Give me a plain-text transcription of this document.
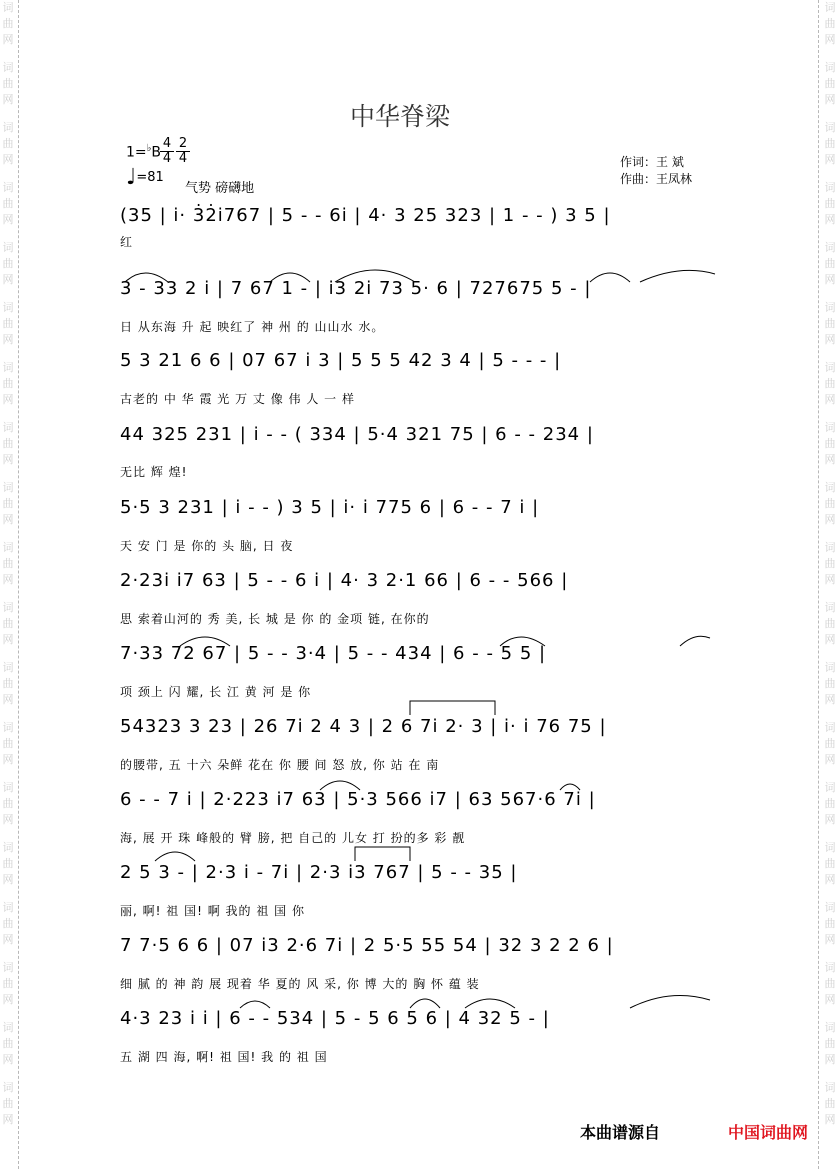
词
曲
网
词
曲
网
词
曲
网
词
曲
网
词
曲
网
词
曲
网
词
曲
网
词
曲
网
词
曲
网
词
曲
网
词
曲
网
词
曲
网
词
曲
网
词
曲
网
词
曲
网
词
曲
网
词
曲
网
词
曲
网
词
曲
网
词
曲
网
词
曲
网
词
曲
网
词
曲
网
词
曲
网
词
曲
网
词
曲
网
词
曲
网
词
曲
网
词
曲
网
词
曲
网
词
曲
网
词
曲
网
词
曲
网
词
曲
网
词
曲
网
词
曲
网
词
曲
网
词
曲
网
中华脊梁
1=♭B
4
4
2
4
♩=81
气势 磅礴地
作词：王 斌
作曲：王凤林
(35 | i· 3̇2̇i767 | 5 - - 6i | 4· 3 25 323 | 1 - - ) 3 5 |
红
3 - 33 2 i | 7 67 1 - | i3 2i 73 5· 6 | 727675 5 - |
日 从东海 升 起 映红了 神 州 的 山山水 水。
5 3 21 6 6 | 07 67 i 3 | 5 5 5 42 3 4 | 5 - - - |
古老的 中 华 霞 光 万 丈 像 伟 人 一 样
44 325 231 | i - - ( 334 | 5·4 321 75 | 6 - - 234 |
无比 辉 煌!
5·5 3 231 | i - - ) 3 5 | i· i 775 6 | 6 - - 7 i |
天 安 门 是 你的 头 脑, 日 夜
2·23i i7 63 | 5 - - 6 i | 4· 3 2·1 66 | 6 - - 566 |
思 索着山河的 秀 美, 长 城 是 你 的 金项 链, 在你的
7·33 72 67 | 5 - - 3·4 | 5 - - 434 | 6 - - 5 5 |
项 颈上 闪 耀, 长 江 黄 河 是 你
54323 3 23 | 26 7i 2 4 3 | 2 6 7i 2· 3 | i· i 76 75 |
的腰带, 五 十六 朵鲜 花在 你 腰 间 怒 放, 你 站 在 南
6 - - 7 i | 2·223 i7 63 | 5·3 566 i7 | 63 567·6 7i |
海, 展 开 珠 峰般的 臂 膀, 把 自己的 儿女 打 扮的多 彩 靓
2 5 3 - | 2·3 i - 7i | 2·3 i3 767 | 5 - - 35 |
丽, 啊! 祖 国! 啊 我的 祖 国 你
7 7·5 6 6 | 07 i3 2·6 7i | 2 5·5 55 54 | 32 3 2 2 6 |
细 腻 的 神 韵 展 现着 华 夏的 风 采, 你 博 大的 胸 怀 蕴 装
4·3 23 i i | 6 - - 534 | 5 - 5 6 5 6 | 4 32 5 - |
五 湖 四 海, 啊! 祖 国! 我 的 祖 国
本曲谱源自	中国词曲网
